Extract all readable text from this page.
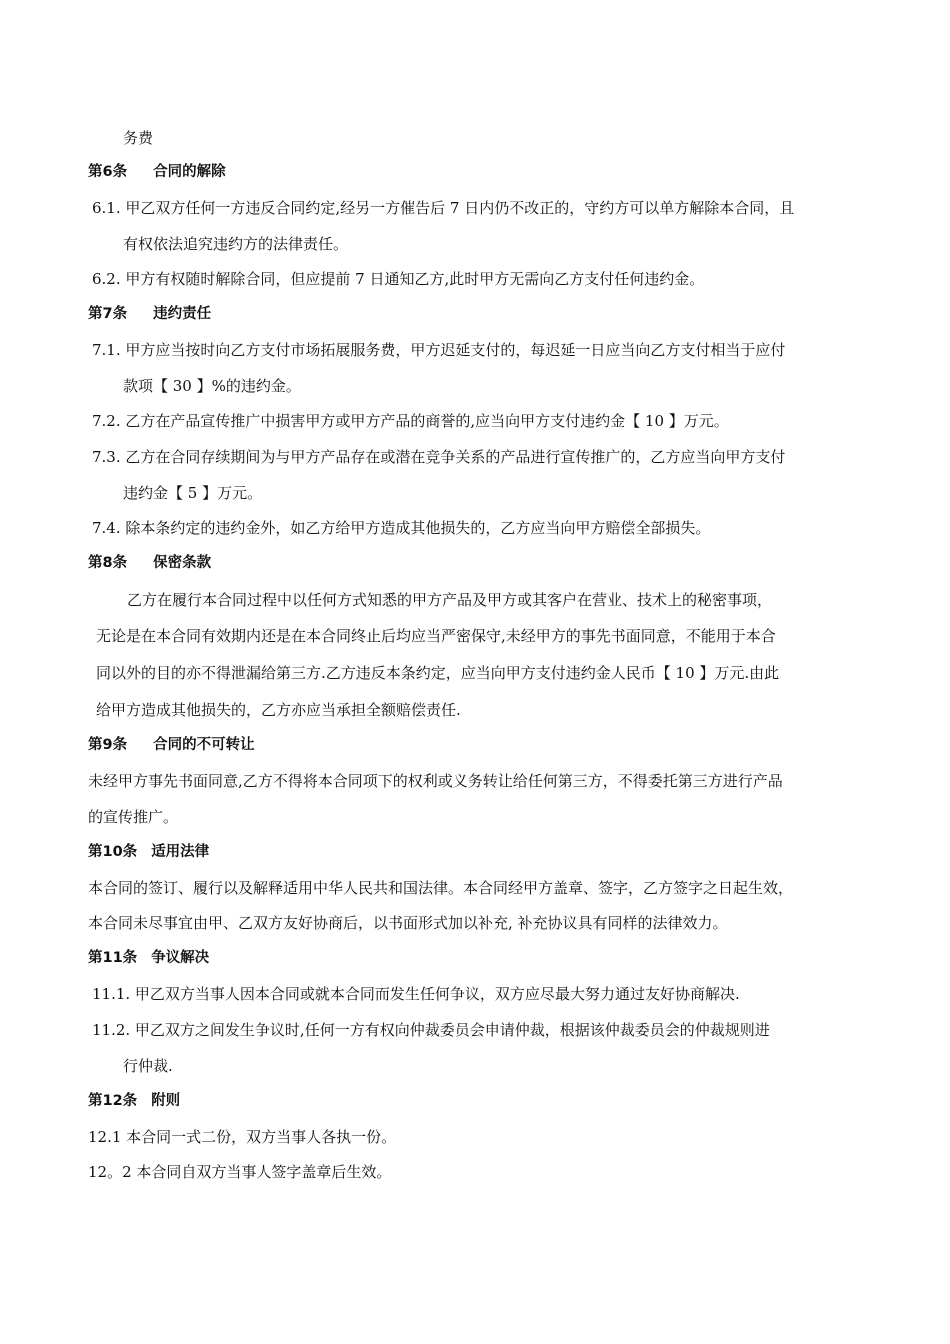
务费
第6条 合同的解除
6.1. 甲乙双方任何一方违反合同约定,经另一方催告后 7 日内仍不改正的，守约方可以单方解除本合同，且
有权依法追究违约方的法律责任。
6.2. 甲方有权随时解除合同，但应提前 7 日通知乙方,此时甲方无需向乙方支付任何违约金。
第7条 违约责任
7.1. 甲方应当按时向乙方支付市场拓展服务费，甲方迟延支付的，每迟延一日应当向乙方支付相当于应付
款项【 30 】%的违约金。
7.2. 乙方在产品宣传推广中损害甲方或甲方产品的商誉的,应当向甲方支付违约金【 10 】万元。
7.3. 乙方在合同存续期间为与甲方产品存在或潜在竞争关系的产品进行宣传推广的，乙方应当向甲方支付
违约金【 5 】万元。
7.4. 除本条约定的违约金外，如乙方给甲方造成其他损失的，乙方应当向甲方赔偿全部损失。
第8条 保密条款
乙方在履行本合同过程中以任何方式知悉的甲方产品及甲方或其客户在营业、技术上的秘密事项，
无论是在本合同有效期内还是在本合同终止后均应当严密保守,未经甲方的事先书面同意，不能用于本合
同以外的目的亦不得泄漏给第三方.乙方违反本条约定，应当向甲方支付违约金人民币【 10 】万元.由此
给甲方造成其他损失的，乙方亦应当承担全额赔偿责任.
第9条 合同的不可转让
未经甲方事先书面同意,乙方不得将本合同项下的权利或义务转让给任何第三方，不得委托第三方进行产品
的宣传推广。
第10条 适用法律
本合同的签订、履行以及解释适用中华人民共和国法律。本合同经甲方盖章、签字，乙方签字之日起生效，
本合同未尽事宜由甲、乙双方友好协商后，以书面形式加以补充, 补充协议具有同样的法律效力。
第11条 争议解决
11.1. 甲乙双方当事人因本合同或就本合同而发生任何争议，双方应尽最大努力通过友好协商解决.
11.2. 甲乙双方之间发生争议时,任何一方有权向仲裁委员会申请仲裁，根据该仲裁委员会的仲裁规则进
行仲裁.
第12条 附则
12.1 本合同一式二份，双方当事人各执一份。
12。2 本合同自双方当事人签字盖章后生效。
